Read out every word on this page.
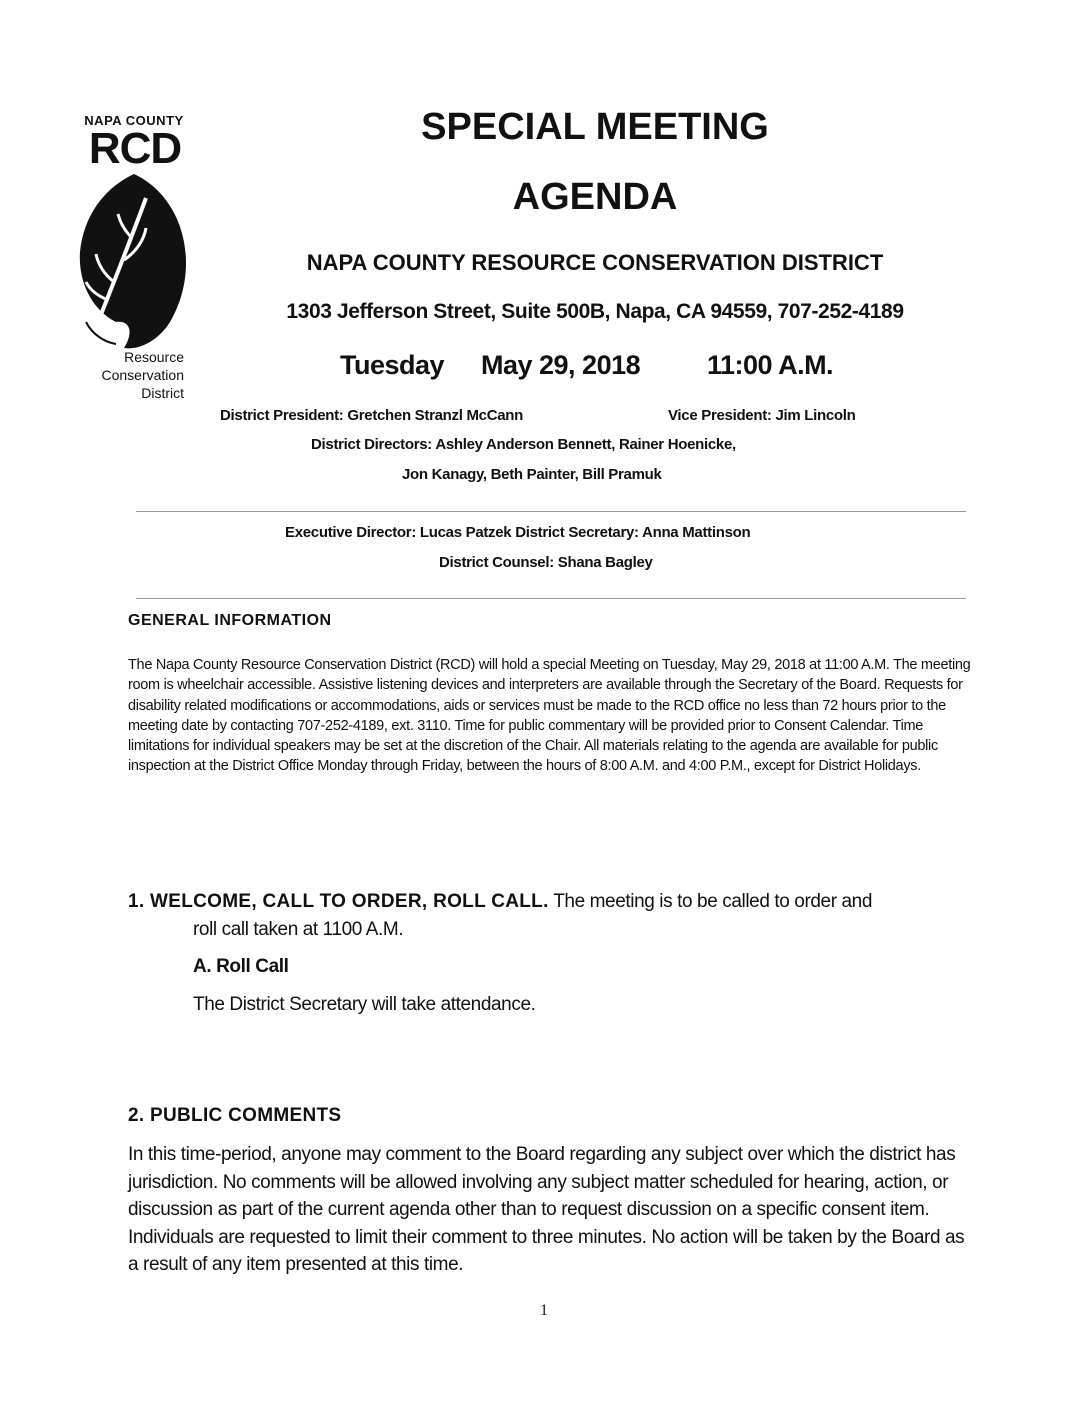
NAPA COUNTY
RCD
Resource
Conservation
District
SPECIAL MEETING
AGENDA
NAPA COUNTY RESOURCE CONSERVATION DISTRICT
1303 Jefferson Street, Suite 500B, Napa, CA 94559, 707-252-4189
Tuesday May 29, 2018 11:00 A.M.
District President: Gretchen Stranzl McCann	Vice President: Jim Lincoln
District Directors: Ashley Anderson Bennett, Rainer Hoenicke,
Jon Kanagy, Beth Painter, Bill Pramuk
Executive Director: Lucas Patzek District Secretary: Anna Mattinson
District Counsel: Shana Bagley
GENERAL INFORMATION
The Napa County Resource Conservation District (RCD) will hold a special Meeting on Tuesday, May 29, 2018 at 11:00 A.M. The meeting room is wheelchair accessible. Assistive listening devices and interpreters are available through the Secretary of the Board. Requests for disability related modifications or accommodations, aids or services must be made to the RCD office no less than 72 hours prior to the meeting date by contacting 707-252-4189, ext. 3110. Time for public commentary will be provided prior to Consent Calendar. Time limitations for individual speakers may be set at the discretion of the Chair. All materials relating to the agenda are available for public inspection at the District Office Monday through Friday, between the hours of 8:00 A.M. and 4:00 P.M., except for District Holidays.
1. WELCOME, CALL TO ORDER, ROLL CALL. The meeting is to be called to order and
roll call taken at 1100 A.M.
A. Roll Call
The District Secretary will take attendance.
2. PUBLIC COMMENTS
In this time-period, anyone may comment to the Board regarding any subject over which the district has jurisdiction. No comments will be allowed involving any subject matter scheduled for hearing, action, or discussion as part of the current agenda other than to request discussion on a specific consent item. Individuals are requested to limit their comment to three minutes. No action will be taken by the Board as a result of any item presented at this time.
1
